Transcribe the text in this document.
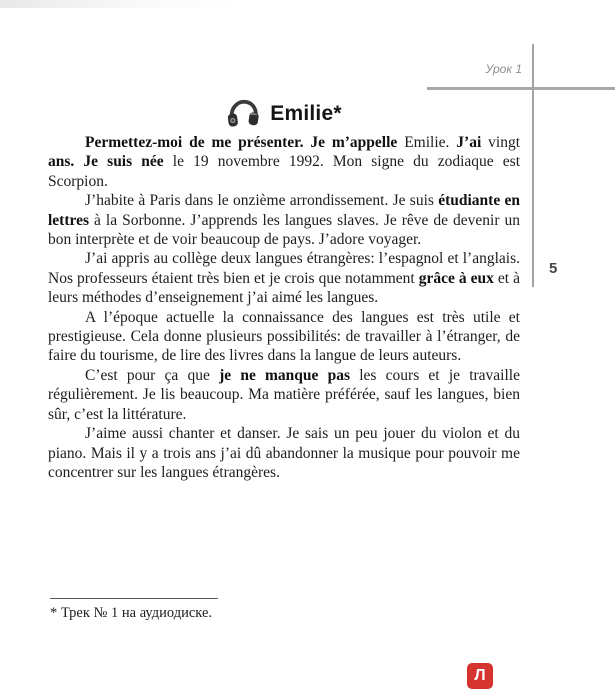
Урок 1
5
Emilie*

Permettez-moi de me présenter. Je m’appelle Emilie. J’ai vingt ans. Je suis née le 19 novembre 1992. Mon signe du zodiaque est Scorpion.

J’habite à Paris dans le onzième arrondissement. Je suis étudiante en lettres à la Sorbonne. J’apprends les langues slaves. Je rêve de devenir un bon interprète et de voir beaucoup de pays. J’adore voyager.

J’ai appris au collège deux langues étrangères: l’espagnol et l’anglais. Nos professeurs étaient très bien et je crois que notamment grâce à eux et à leurs méthodes d’enseignement j’ai aimé les langues.

A l’époque actuelle la connaissance des langues est très utile et prestigieuse. Cela donne plusieurs possibilités: de travailler à l’étranger, de faire du tourisme, de lire des livres dans la langue de leurs auteurs.

C’est pour ça que je ne manque pas les cours et je travaille régulièrement. Je lis beaucoup. Ma matière préférée, sauf les langues, bien sûr, c’est la littérature.

J’aime aussi chanter et danser. Je sais un peu jouer du violon et du piano. Mais il y a trois ans j’ai dû abandonner la musique pour pouvoir me concentrer sur les langues étrangères.

* Трек № 1 на аудиодиске.
Л
